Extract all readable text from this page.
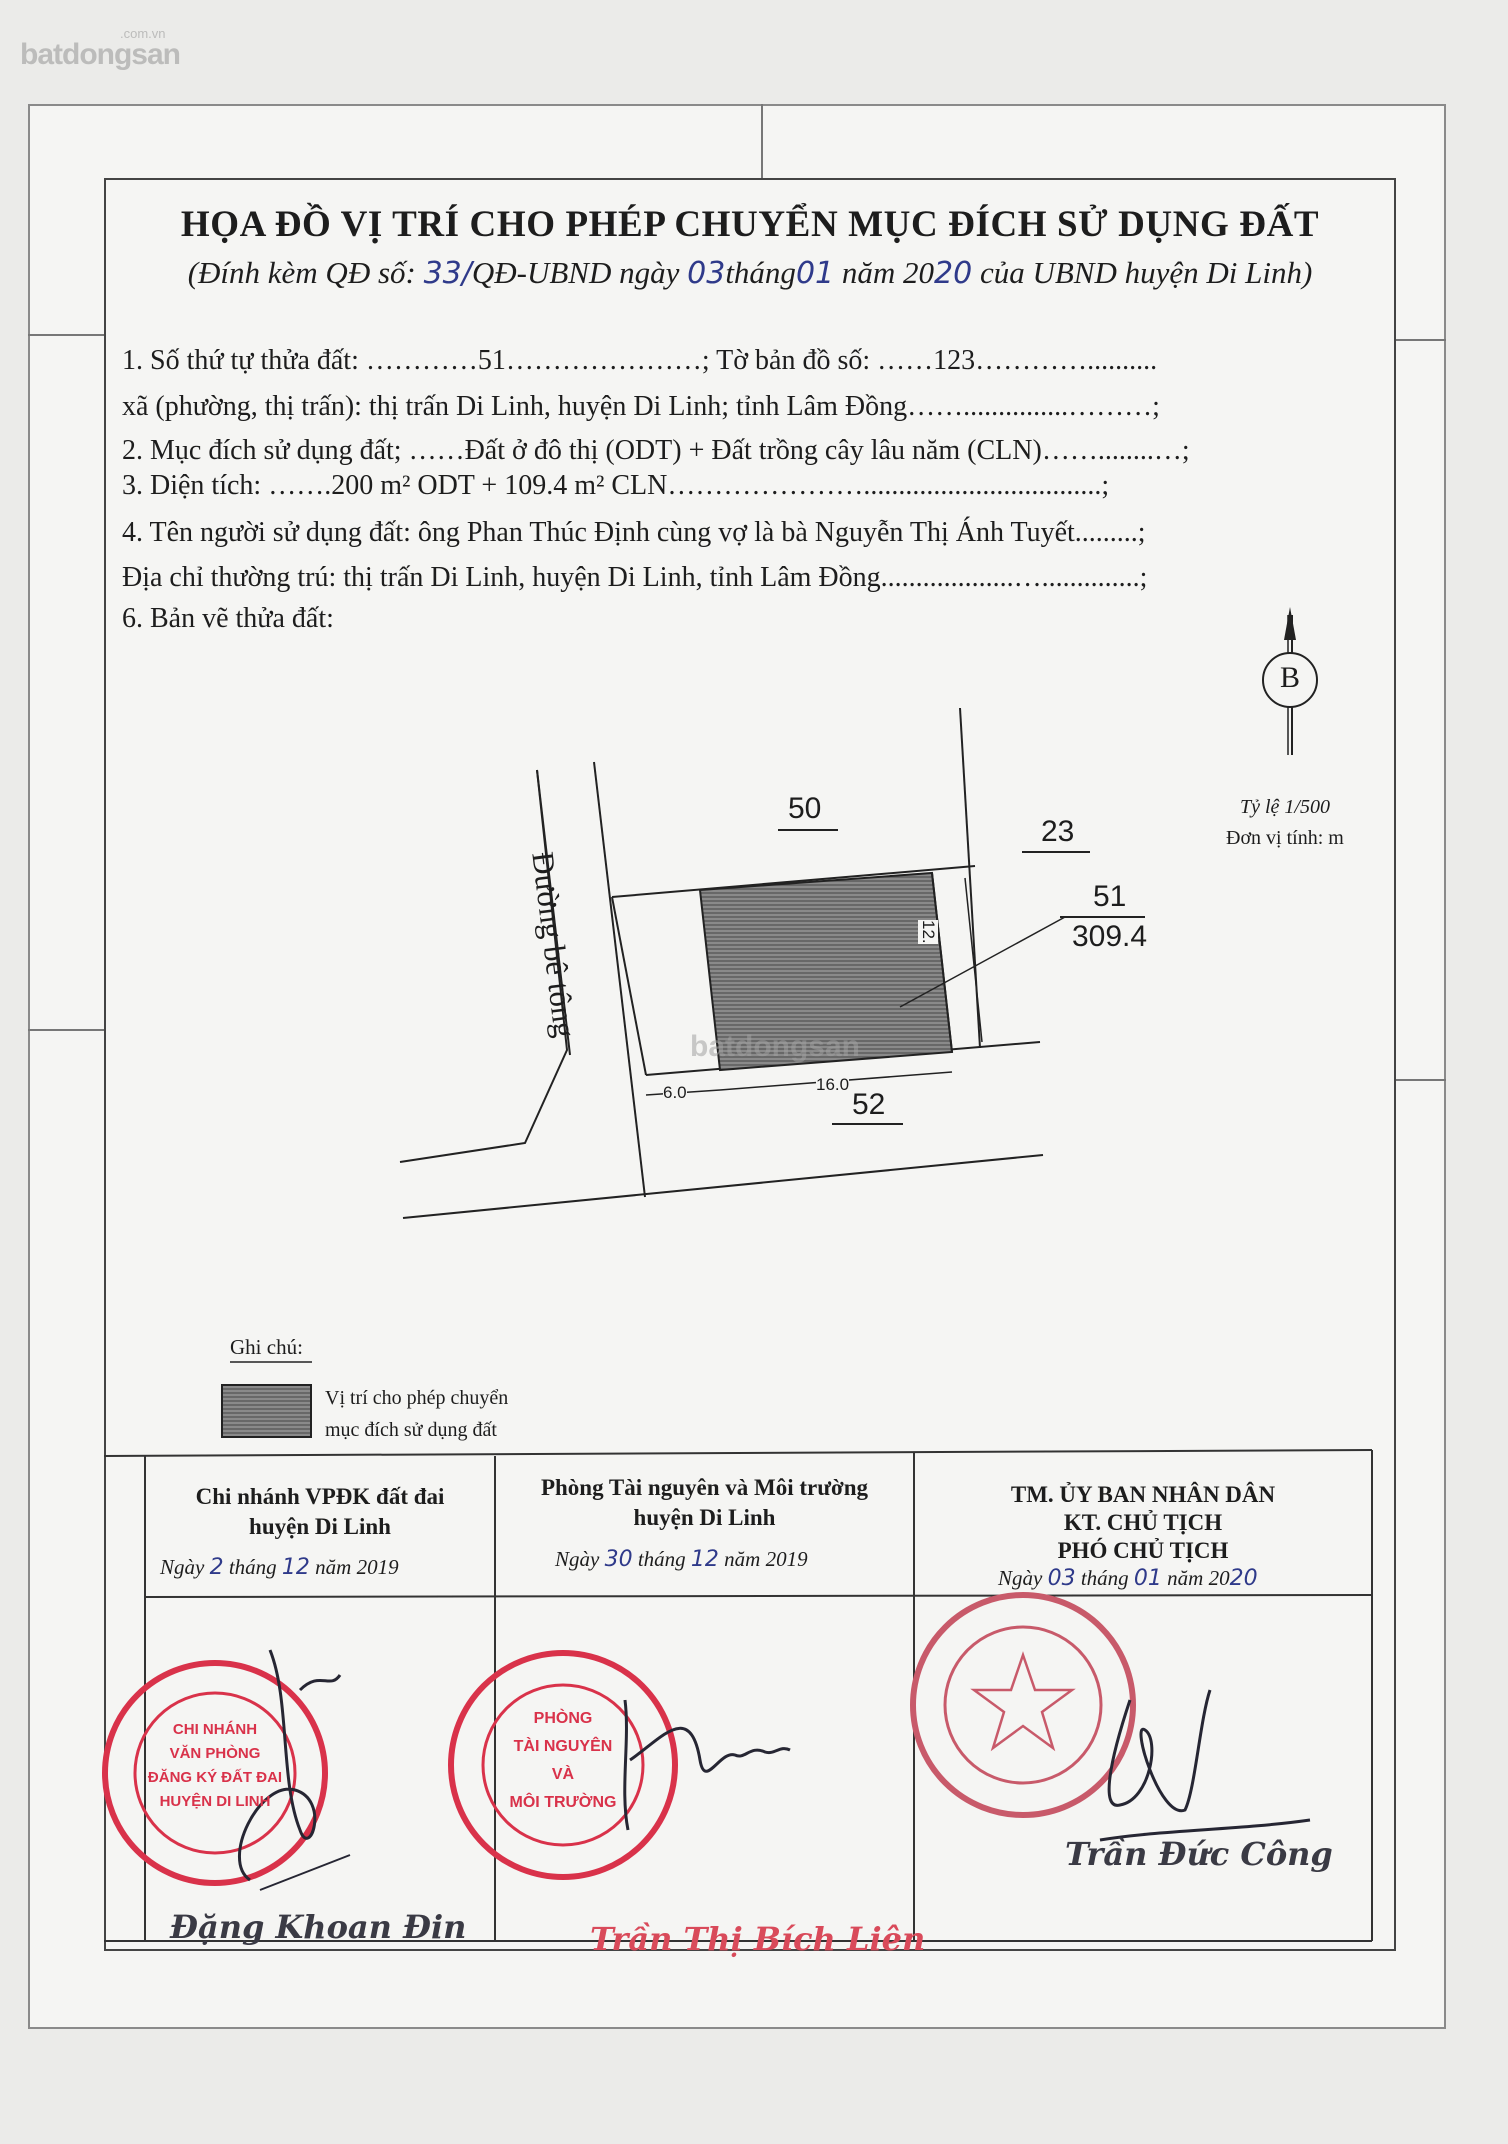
.com.vn
batdongsan
HỌA ĐỒ VỊ TRÍ CHO PHÉP CHUYỂN MỤC ĐÍCH SỬ DỤNG ĐẤT
(Đính kèm QĐ số: 33/QĐ-UBND ngày 03tháng01 năm 2020 của UBND huyện Di Linh)
1. Số thứ tự thửa đất: …………51…………………; Tờ bản đồ số: ……123…………..........
xã (phường, thị trấn): thị trấn Di Linh, huyện Di Linh; tỉnh Lâm Đồng……...............………;
2. Mục đích sử dụng đất; ……Đất ở đô thị (ODT) + Đất trồng cây lâu năm (CLN)……........…;
3. Diện tích: …….200 m² ODT + 109.4 m² CLN…………………..................................;
4. Tên người sử dụng đất: ông Phan Thúc Định cùng vợ là bà Nguyễn Thị Ánh Tuyết.........;
Địa chỉ thường trú: thị trấn Di Linh, huyện Di Linh, tỉnh Lâm Đồng...................…..............;
6. Bản vẽ thửa đất:
B
Tỷ lệ 1/500
Đơn vị tính: m
50
23
51
309.4
52
6.0	16.0
12.
Đường bê tông
batdongsan
Ghi chú:
Vị trí cho phép chuyển
mục đích sử dụng đất
Chi nhánh VPĐK đất đai
huyện Di Linh
Ngày 2 tháng 12 năm 2019
Phòng Tài nguyên và Môi trường
huyện Di Linh
Ngày 30 tháng 12 năm 2019
TM. ỦY BAN NHÂN DÂN
KT. CHỦ TỊCH
PHÓ CHỦ TỊCH
Ngày 03 tháng 01 năm 2020
CHI NHÁNH
VĂN PHÒNG
ĐĂNG KÝ ĐẤT ĐAI
HUYỆN DI LINH
PHÒNG
TÀI NGUYÊN
VÀ
MÔI TRƯỜNG
Đặng Khoan Đin	Trần Thị Bích Liên
Trần Đức Công
